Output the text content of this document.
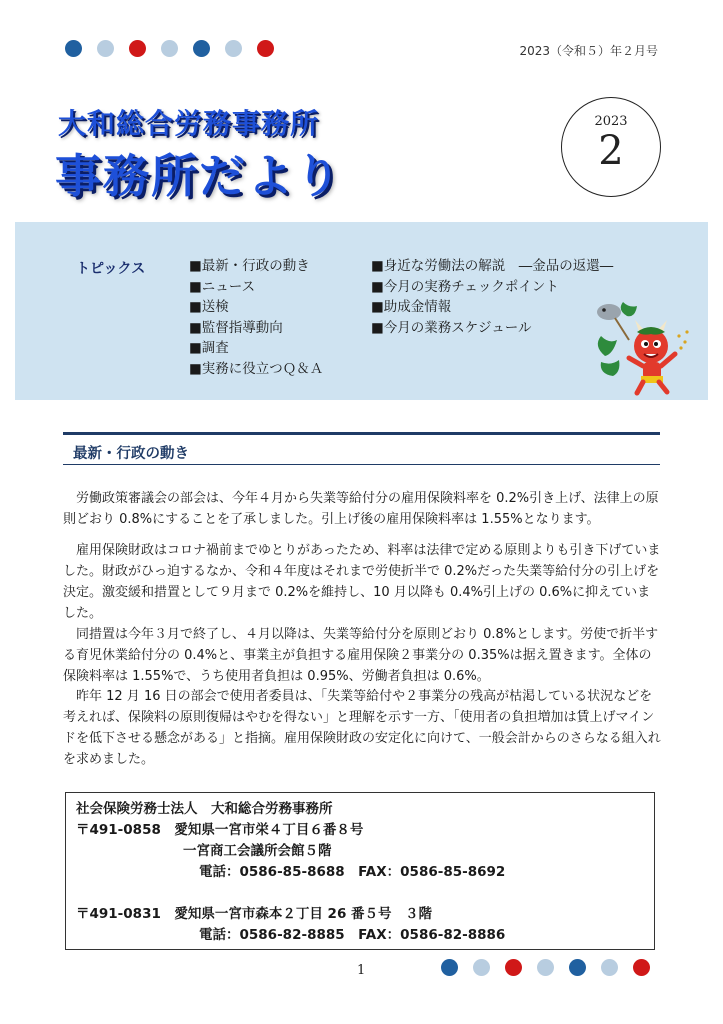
2023（令和５）年２月号
大和総合労務事務所
事務所だより
2023
2
トピックス	■最新・行政の動き
■ニュース
■送検
■監督指導動向
■調査
■実務に役立つＱ＆Ａ
■身近な労働法の解説　―金品の返還―
■今月の実務チェックポイント
■助成金情報
■今月の業務スケジュール
最新・行政の動き

労働政策審議会の部会は、今年４月から失業等給付分の雇用保険料率を 0.2%引き上げ、法律上の原則どおり 0.8%にすることを了承しました。引上げ後の雇用保険料率は 1.55%となります。

雇用保険財政はコロナ禍前までゆとりがあったため、料率は法律で定める原則よりも引き下げていました。財政がひっ迫するなか、令和４年度はそれまで労使折半で 0.2%だった失業等給付分の引上げを決定。激変緩和措置として９月まで 0.2%を維持し、10 月以降も 0.4%引上げの 0.6%に抑えていました。

同措置は今年３月で終了し、４月以降は、失業等給付分を原則どおり 0.8%とします。労使で折半する育児休業給付分の 0.4%と、事業主が負担する雇用保険２事業分の 0.35%は据え置きます。全体の保険料率は 1.55%で、うち使用者負担は 0.95%、労働者負担は 0.6%。

昨年 12 月 16 日の部会で使用者委員は、「失業等給付や２事業分の残高が枯渇している状況などを考えれば、保険料の原則復帰はやむを得ない」と理解を示す一方、「使用者の負担増加は賃上げマインドを低下させる懸念がある」と指摘。雇用保険財政の安定化に向けて、一般会計からのさらなる組入れを求めました。

社会保険労務士法人　大和総合労務事務所
〒491-0858　愛知県一宮市栄４丁目６番８号
一宮商工会議所会館５階
電話：0586-85-8688　FAX：0586-85-8692
〒491-0831　愛知県一宮市森本２丁目 26 番５号　３階
電話：0586-82-8885　FAX：0586-82-8886
1
